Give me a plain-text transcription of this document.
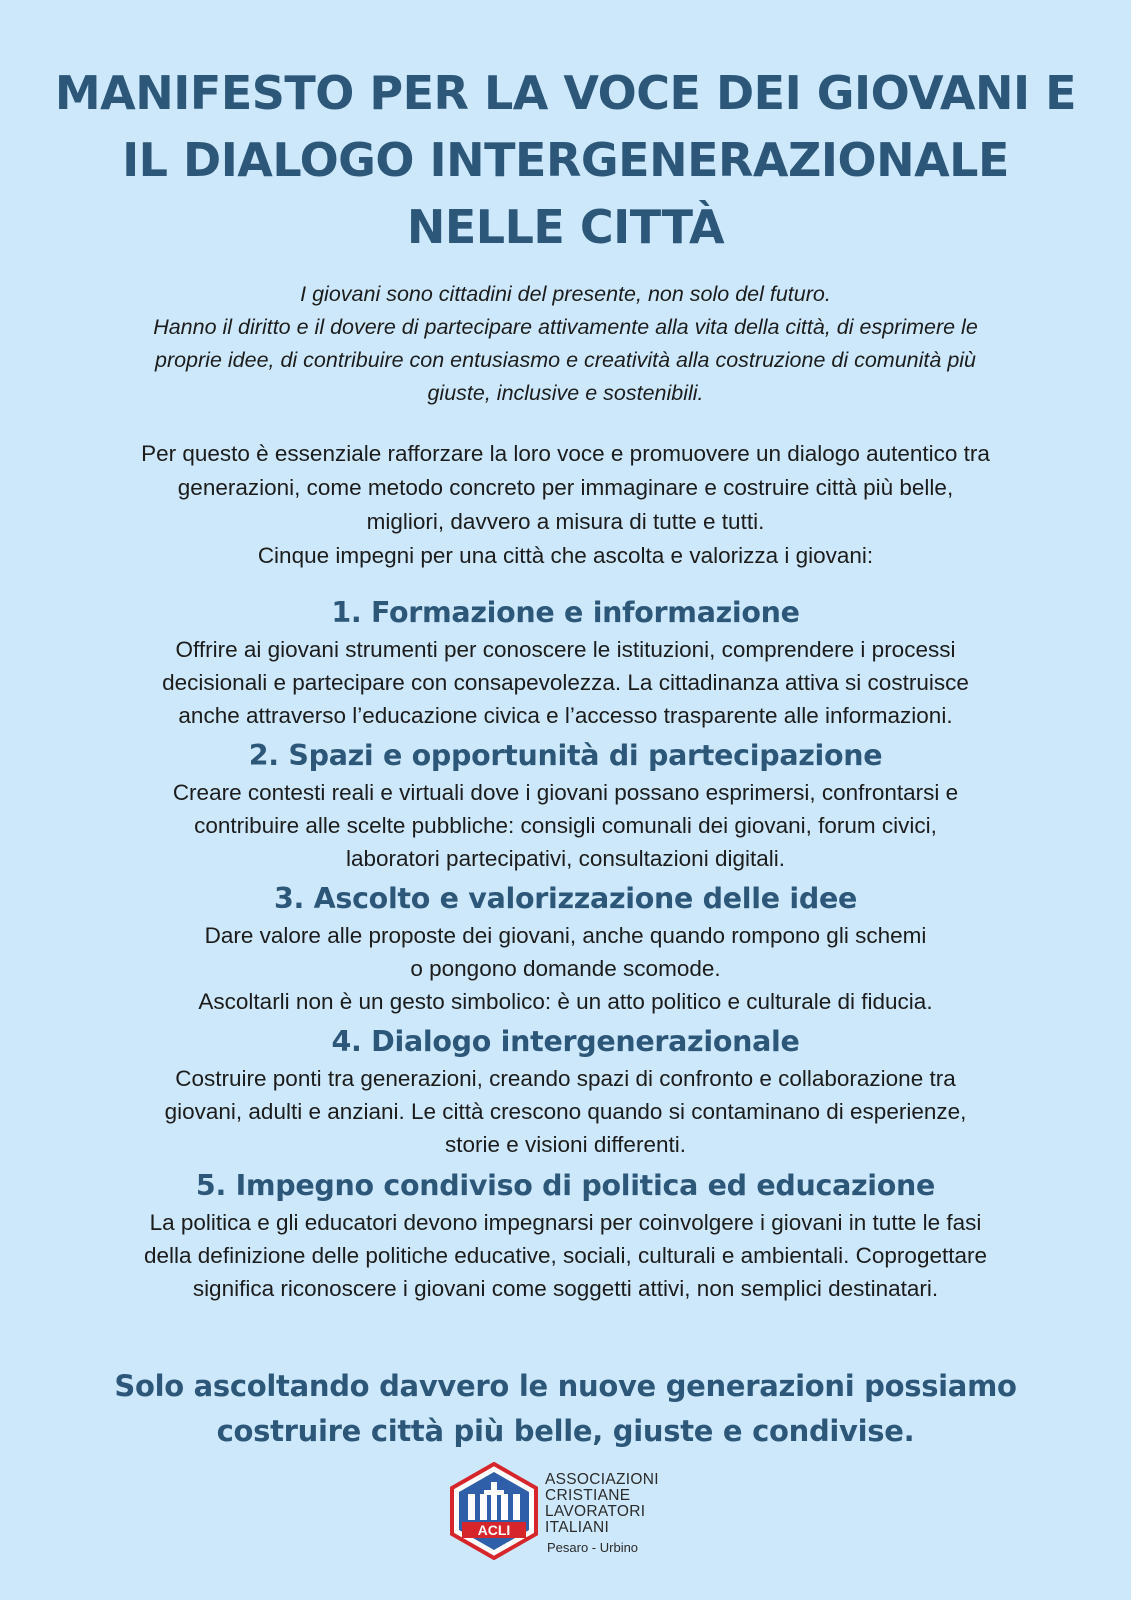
MANIFESTO PER LA VOCE DEI GIOVANI E
IL DIALOGO INTERGENERAZIONALE
NELLE CITTÀ
I giovani sono cittadini del presente, non solo del futuro.
Hanno il diritto e il dovere di partecipare attivamente alla vita della città, di esprimere le
proprie idee, di contribuire con entusiasmo e creatività alla costruzione di comunità più
giuste, inclusive e sostenibili.
Per questo è essenziale rafforzare la loro voce e promuovere un dialogo autentico tra
generazioni, come metodo concreto per immaginare e costruire città più belle,
migliori, davvero a misura di tutte e tutti.
Cinque impegni per una città che ascolta e valorizza i giovani:
1. Formazione e informazione
Offrire ai giovani strumenti per conoscere le istituzioni, comprendere i processi
decisionali e partecipare con consapevolezza. La cittadinanza attiva si costruisce
anche attraverso l’educazione civica e l’accesso trasparente alle informazioni.
2. Spazi e opportunità di partecipazione
Creare contesti reali e virtuali dove i giovani possano esprimersi, confrontarsi e
contribuire alle scelte pubbliche: consigli comunali dei giovani, forum civici,
laboratori partecipativi, consultazioni digitali.
3. Ascolto e valorizzazione delle idee
Dare valore alle proposte dei giovani, anche quando rompono gli schemi
o pongono domande scomode.
Ascoltarli non è un gesto simbolico: è un atto politico e culturale di fiducia.
4. Dialogo intergenerazionale
Costruire ponti tra generazioni, creando spazi di confronto e collaborazione tra
giovani, adulti e anziani. Le città crescono quando si contaminano di esperienze,
storie e visioni differenti.
5. Impegno condiviso di politica ed educazione
La politica e gli educatori devono impegnarsi per coinvolgere i giovani in tutte le fasi
della definizione delle politiche educative, sociali, culturali e ambientali. Coprogettare
significa riconoscere i giovani come soggetti attivi, non semplici destinatari.
Solo ascoltando davvero le nuove generazioni possiamo
costruire città più belle, giuste e condivise.
ACLI
ASSOCIAZIONI
CRISTIANE
LAVORATORI
ITALIANI
Pesaro - Urbino
